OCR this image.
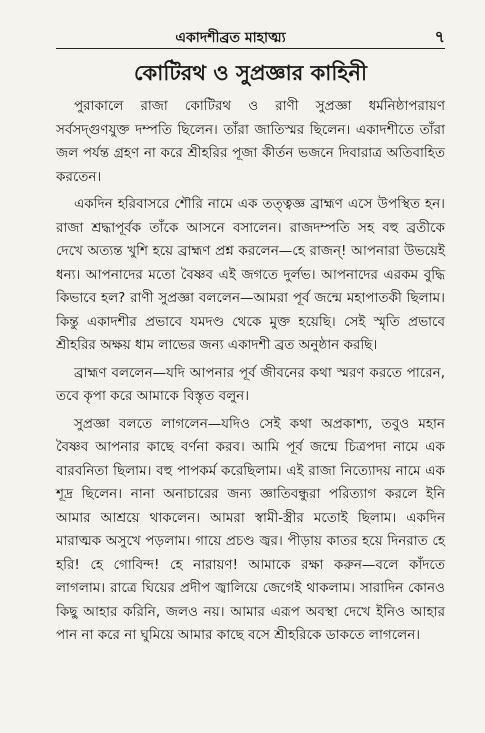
একাদশীব্রত মাহাত্ম্য	৭
কোটিরথ ও সুপ্রজ্ঞার কাহিনী

পুরাকালে রাজা কোটিরথ ও রাণী সুপ্রজ্ঞা ধর্মনিষ্ঠাপরায়ণ সর্বসদ্‌গুণযুক্ত দম্পতি ছিলেন। তাঁরা জাতিস্মর ছিলেন। একাদশীতে তাঁরা জল পর্যন্ত গ্রহণ না করে শ্রীহরির পূজা কীর্তন ভজনে দিবারাত্র অতিবাহিত করতেন।

একদিন হরিবাসরে শৌরি নামে এক তত্ত্বজ্ঞ ব্রাহ্মণ এসে উপস্থিত হন। রাজা শ্রদ্ধাপূর্বক তাঁকে আসনে বসালেন। রাজদম্পতি সহ বহু ব্রতীকে দেখে অত্যন্ত খুশি হয়ে ব্রাহ্মণ প্রশ্ন করলেন—হে রাজন্! আপনারা উভয়েই ধন্য। আপনাদের মতো বৈষ্ণব এই জগতে দুর্লভ। আপনাদের এরকম বুদ্ধি কিভাবে হল? রাণী সুপ্রজ্ঞা বললেন—আমরা পূর্ব জন্মে মহাপাতকী ছিলাম। কিন্তু একাদশীর প্রভাবে যমদণ্ড থেকে মুক্ত হয়েছি। সেই স্মৃতি প্রভাবে শ্রীহরির অক্ষয় ধাম লাভের জন্য একাদশী ব্রত অনুষ্ঠান করছি।

ব্রাহ্মণ বললেন—যদি আপনার পূর্ব জীবনের কথা স্মরণ করতে পারেন, তবে কৃপা করে আমাকে বিস্তৃত বলুন।

সুপ্রজ্ঞা বলতে লাগলেন—যদিও সেই কথা অপ্রকাশ্য, তবুও মহান বৈষ্ণব আপনার কাছে বর্ণনা করব। আমি পূর্ব জন্মে চিত্রপদা নামে এক বারবনিতা ছিলাম। বহু পাপকর্ম করেছিলাম। এই রাজা নিত্যোদয় নামে এক শূদ্র ছিলেন। নানা অনাচারের জন্য জ্ঞাতিবন্ধুরা পরিত্যাগ করলে ইনি আমার আশ্রয়ে থাকলেন। আমরা স্বামী-স্ত্রীর মতোই ছিলাম। একদিন মারাত্মক অসুখে পড়লাম। গায়ে প্রচণ্ড জ্বর। পীড়ায় কাতর হয়ে দিনরাত হে হরি! হে গোবিন্দ! হে নারায়ণ! আমাকে রক্ষা করুন—বলে কাঁদতে লাগলাম। রাত্রে ঘিয়ের প্রদীপ জ্বালিয়ে জেগেই থাকলাম। সারাদিন কোনও কিছু আহার করিনি, জলও নয়। আমার এরূপ অবস্থা দেখে ইনিও আহার পান না করে না ঘুমিয়ে আমার কাছে বসে শ্রীহরিকে ডাকতে লাগলেন।
